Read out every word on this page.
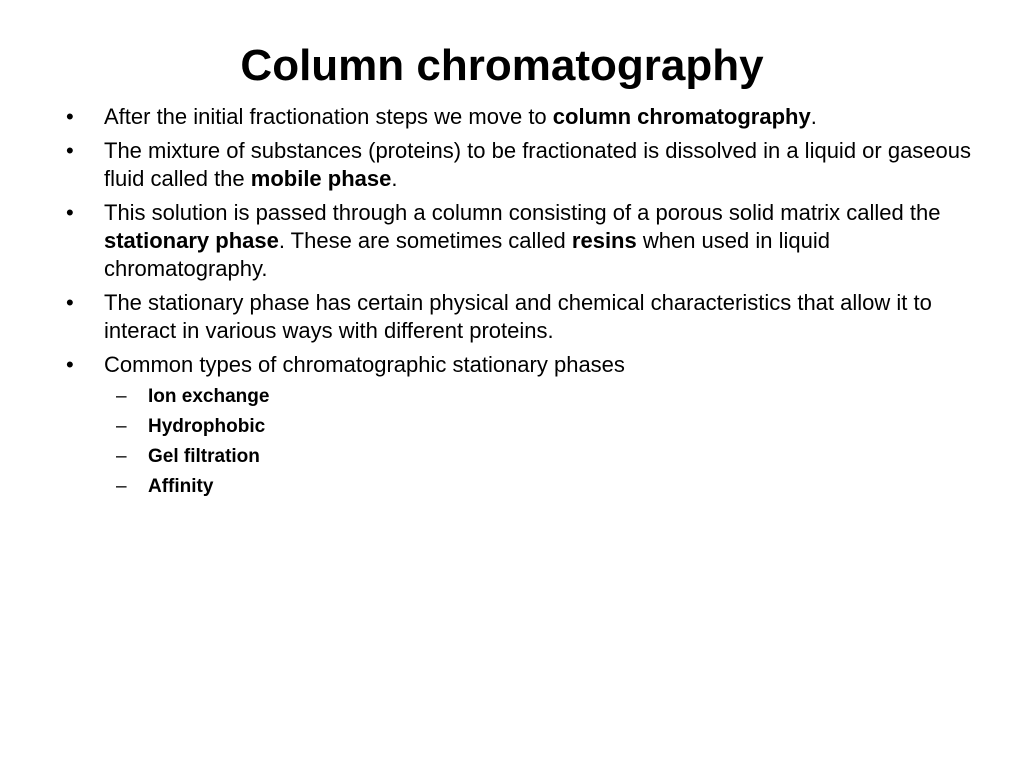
Column chromatography
•	After the initial fractionation steps we move to column chromatography.
•	The mixture of substances (proteins) to be fractionated is dissolved in a liquid or gaseous fluid called the mobile phase.
•	This solution is passed through a column consisting of a porous solid matrix called the stationary phase. These are sometimes called resins when used in liquid chromatography.
•	The stationary phase has certain physical and chemical characteristics that allow it to interact in various ways with different proteins.
•	Common types of chromatographic stationary phases
– Ion exchange
– Hydrophobic
– Gel filtration
– Affinity
